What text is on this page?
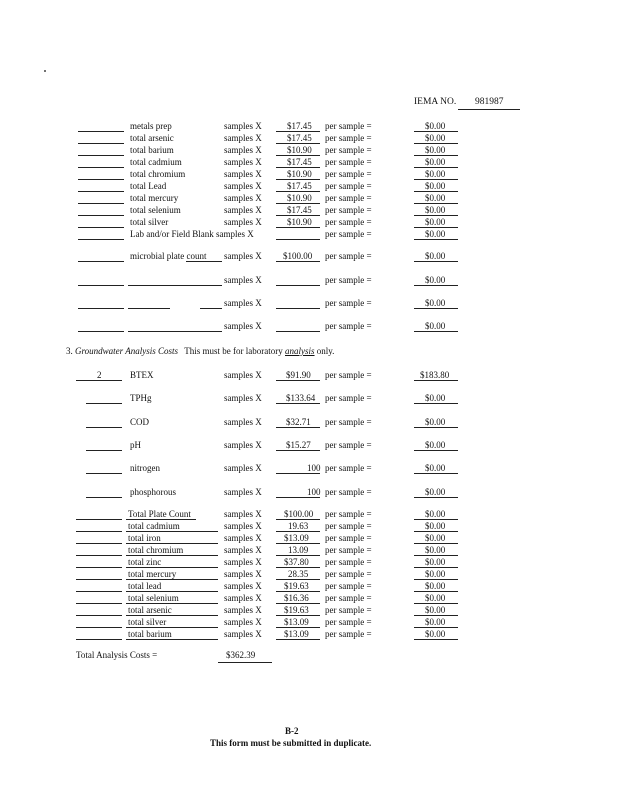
IEMA NO. 981987
metals prep	samples X	$17.45 per sample =	$0.00
total arsenic	samples X	$17.45 per sample =	$0.00
total barium	samples X	$10.90 per sample =	$0.00
total cadmium	samples X	$17.45 per sample =	$0.00
total chromium	samples X	$10.90 per sample =	$0.00
total Lead	samples X	$17.45 per sample =	$0.00
total mercury	samples X	$10.90 per sample =	$0.00
total selenium	samples X	$17.45 per sample =	$0.00
total silver	samples X	$10.90 per sample =	$0.00
Lab and/or Field Blank samples X	per sample =	$0.00
microbial plate count samples X $100.00 per sample =	$0.00
samples X	per sample =	$0.00
samples X	per sample =	$0.00
samples X	per sample =	$0.00
3. Groundwater Analysis Costs This must be for laboratory analysis only.
2	BTEX	samples X	$91.90 per sample =	$183.80
TPHg	samples X	$133.64 per sample =	$0.00
COD	samples X	$32.71 per sample =	$0.00
pH	samples X	$15.27 per sample =	$0.00
nitrogen	samples X	100 per sample =	$0.00
phosphorous	samples X	100 per sample =	$0.00
Total Plate Count	samples X $100.00 per sample =	$0.00
total cadmium	samples X	19.63 per sample =	$0.00
total iron	samples X $13.09 per sample =	$0.00
total chromium	samples X	13.09 per sample =	$0.00
total zinc	samples X $37.80 per sample =	$0.00
total mercury	samples X	28.35 per sample =	$0.00
total lead	samples X $19.63 per sample =	$0.00
total selenium	samples X $16.36 per sample =	$0.00
total arsenic	samples X $19.63 per sample =	$0.00
total silver	samples X $13.09 per sample =	$0.00
total barium	samples X $13.09 per sample =	$0.00
Total Analysis Costs =	$362.39
B-2
This form must be submitted in duplicate.
